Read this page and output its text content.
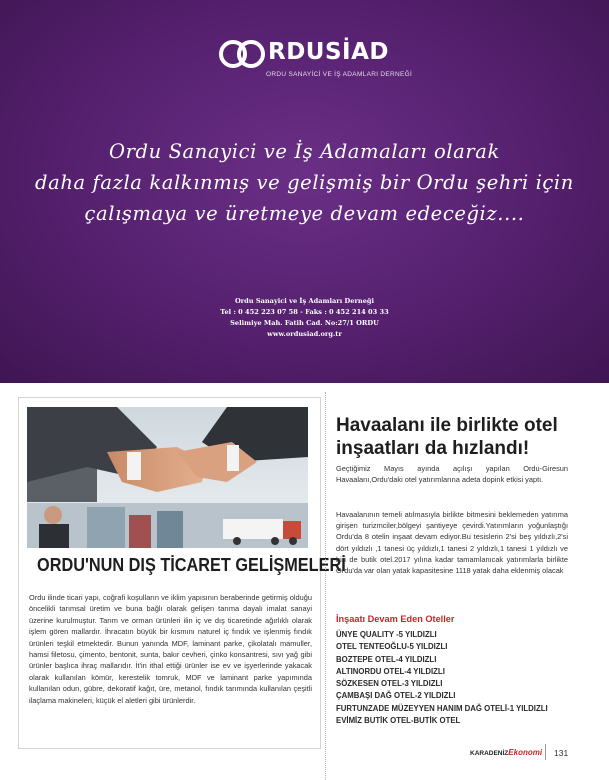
RDUSİAD
ORDU SANAYİCİ VE İŞ ADAMLARI DERNEĞİ
Ordu Sanayici ve İş Adamaları olarak
daha fazla kalkınmış ve gelişmiş bir Ordu şehri için
çalışmaya ve üretmeye devam edeceğiz....
Ordu Sanayici ve İş Adamları Derneği
Tel : 0 452 223 07 58 - Faks : 0 452 214 03 33
Selimiye Mah. Fatih Cad. No:27/1 ORDU
www.ordusiad.org.tr
ORDU'NUN DIŞ TİCARET GELİŞMELERİ
Ordu ilinde ticari yapı, coğrafi koşulların ve iklim yapısının beraberinde getirmiş olduğu öncelikli tarımsal üretim ve buna bağlı olarak gelişen tarıma dayalı imalat sanayi üzerine kurulmuştur. Tarım ve orman ürünleri ilin iç ve dış ticaretinde ağırlıklı olarak işlem gören mallardır. İhracatın büyük bir kısmını naturel iç fındık ve işlenmiş fındık ürünleri teşkil etmektedir. Bunun yanında MDF, laminant parke, çikolatalı mamuller, hamsi filetosu, çimento, bentonit, sunta, bakır cevheri, çinko konsantresi, sıvı yağ gibi ürünler başlıca ihraç mallarıdır. İt'in ithal ettiği ürünler ise ev ve işyerlerinde yakacak olarak kullanılan kömür, kerestelik tomruk, MDF ve laminant parke yapımında kullanılan odun, gübre, dekoratif kağıt, üre, metanol, fındık tarımında kullanılan çeşitli ilaçlama makineleri, küçük el aletleri gibi ürünlerdir.
Havaalanı ile birlikte otel inşaatları da hızlandı!
Geçtiğimiz Mayıs ayında açılışı yapılan Ordu-Giresun Havaalanı,Ordu'daki otel yatırımlarına adeta dopink etkisi yaptı.
Havaalanının temeli atılmasıyla birlikte bitmesini beklemeden yatırıma girişen turizmciler,bölgeyi şantiyeye çevirdi.Yatırımların yoğunlaştığı Ordu'da 8 otelin inşaat devam ediyor.Bu tesislerin 2'si beş yıldızlı,2'si dört yıldızlı ,1 tanesi üç yıldızlı,1 tanesi 2 yıldızlı,1 tanesi 1 yıldızlı ve biri de butik otel.2017 yılına kadar tamamlanıcak yatırımlarla birlikte Ordu'da var olan yatak kapasitesine 1118 yatak daha eklenmiş olacak
İnşaatı Devam Eden Oteller
ÜNYE QUALITY -5 YILDIZLI
OTEL TENTEOĞLU-5 YILDIZLI
BOZTEPE OTEL-4 YILDIZLI
ALTINORDU OTEL-4 YILDIZLI
SÖZKESEN OTEL-3 YILDIZLI
ÇAMBAŞI DAĞ OTEL-2 YILDIZLI
FURTUNZADE MÜZEYYEN HANIM DAĞ OTELİ-1 YILDIZLI
EVİMİZ BUTİK OTEL-BUTİK OTEL
KARADENİZEkonomi 131
